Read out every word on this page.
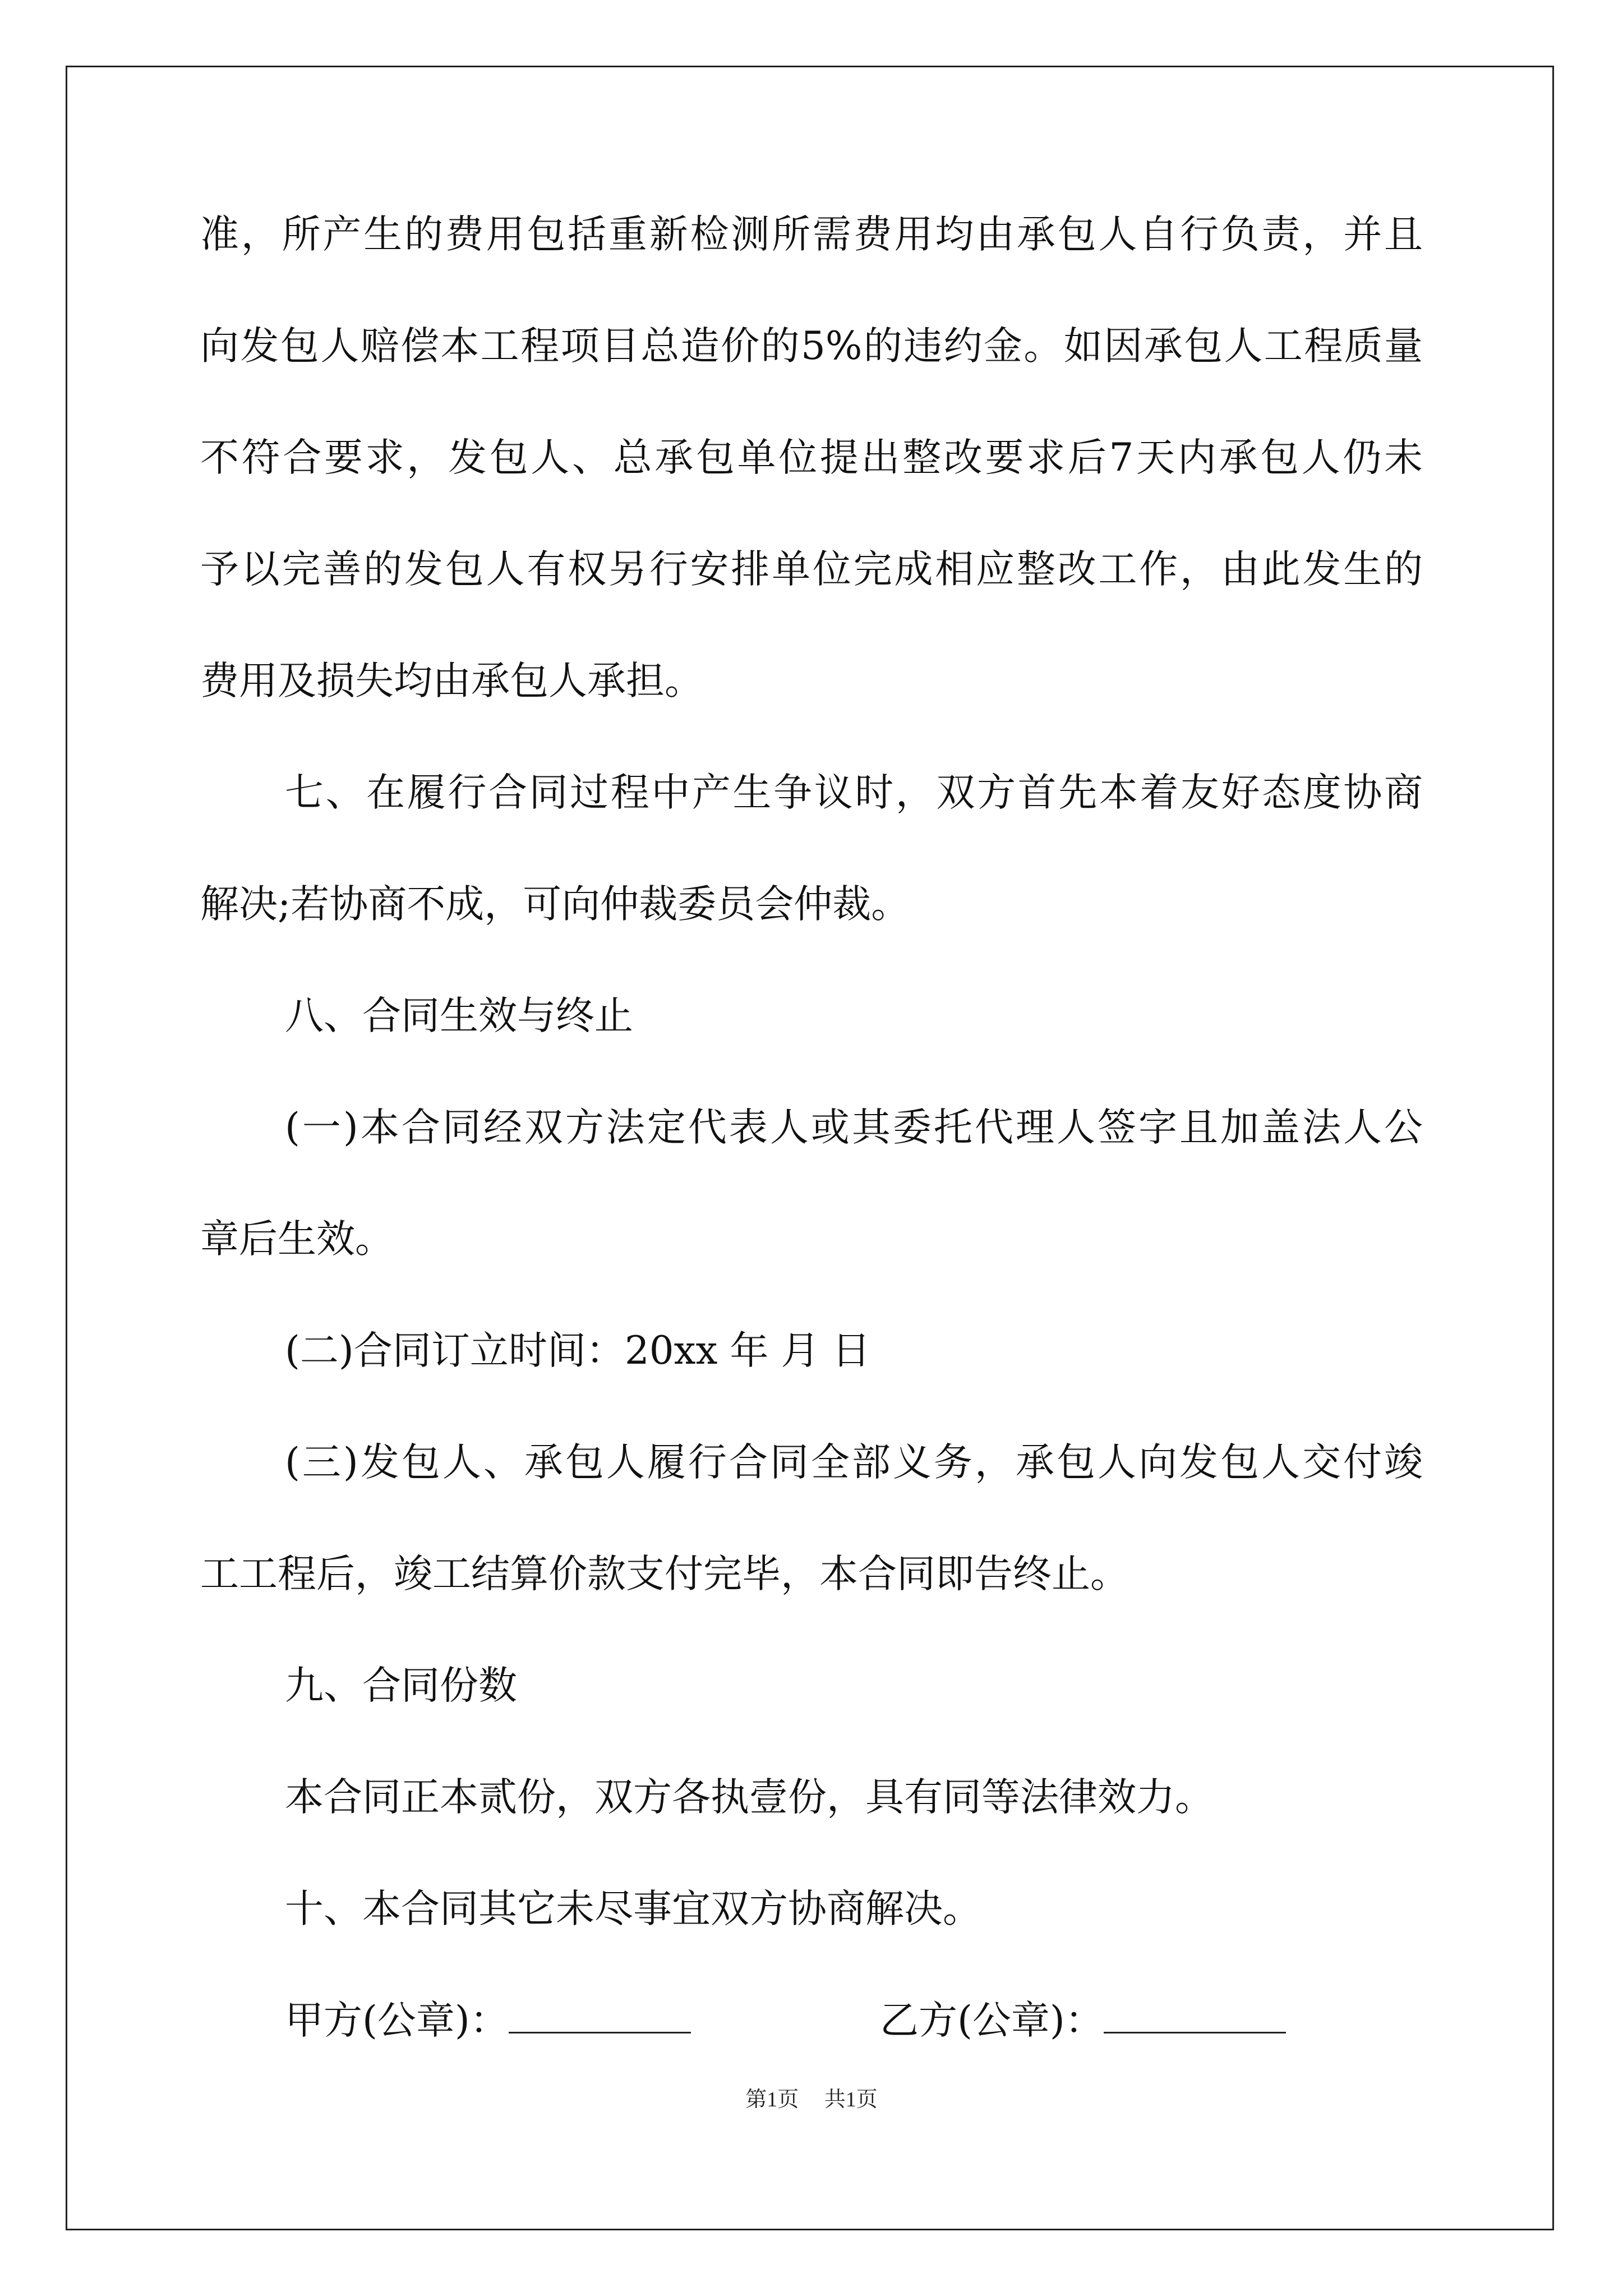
准，所产生的费用包括重新检测所需费用均由承包人自行负责，并且
向发包人赔偿本工程项目总造价的5%的违约金。如因承包人工程质量
不符合要求，发包人、总承包单位提出整改要求后7天内承包人仍未
予以完善的发包人有权另行安排单位完成相应整改工作，由此发生的
费用及损失均由承包人承担。
七、在履行合同过程中产生争议时，双方首先本着友好态度协商
解决;若协商不成，可向仲裁委员会仲裁。
八、合同生效与终止
(一)本合同经双方法定代表人或其委托代理人签字且加盖法人公
章后生效。
(二)合同订立时间：20xx 年 月 日
(三)发包人、承包人履行合同全部义务，承包人向发包人交付竣
工工程后，竣工结算价款支付完毕，本合同即告终止。
九、合同份数
本合同正本贰份，双方各执壹份，具有同等法律效力。
十、本合同其它未尽事宜双方协商解决。
甲方(公章)：	乙方(公章)：
第1页 共1页
